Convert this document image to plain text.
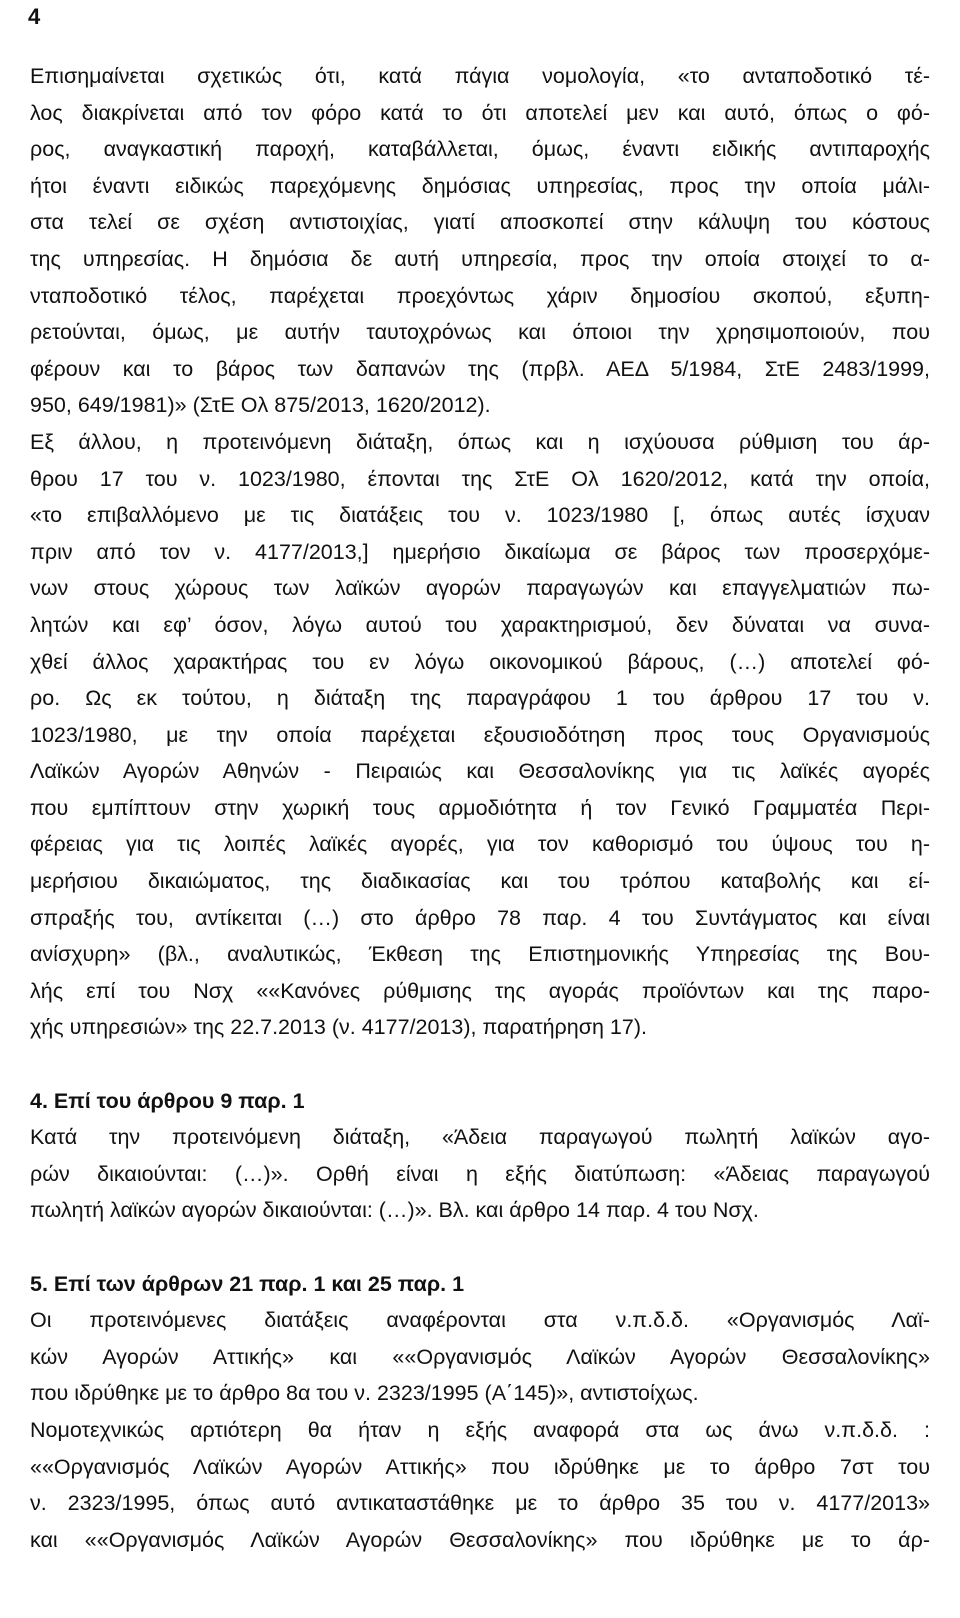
4
Επισημαίνεται σχετικώς ότι, κατά πάγια νομολογία, «το ανταποδοτικό τέ-
λος διακρίνεται από τον φόρο κατά το ότι αποτελεί μεν και αυτό, όπως ο φό-
ρος, αναγκαστική παροχή, καταβάλλεται, όμως, έναντι ειδικής αντιπαροχής
ήτοι έναντι ειδικώς παρεχόμενης δημόσιας υπηρεσίας, προς την οποία μάλι-
στα τελεί σε σχέση αντιστοιχίας, γιατί αποσκοπεί στην κάλυψη του κόστους
της υπηρεσίας. Η δημόσια δε αυτή υπηρεσία, προς την οποία στοιχεί το α-
νταποδοτικό τέλος, παρέχεται προεχόντως χάριν δημοσίου σκοπού, εξυπη-
ρετούνται, όμως, με αυτήν ταυτοχρόνως και όποιοι την χρησιμοποιούν, που
φέρουν και το βάρος των δαπανών της (πρβλ. ΑΕΔ 5/1984, ΣτΕ 2483/1999,
950, 649/1981)» (ΣτΕ Ολ 875/2013, 1620/2012).
Εξ άλλου, η προτεινόμενη διάταξη, όπως και η ισχύουσα ρύθμιση του άρ-
θρου 17 του ν. 1023/1980, έπονται της ΣτΕ Ολ 1620/2012, κατά την οποία,
«το επιβαλλόμενο με τις διατάξεις του ν. 1023/1980 [, όπως αυτές ίσχυαν
πριν από τον ν. 4177/2013,] ημερήσιο δικαίωμα σε βάρος των προσερχόμε-
νων στους χώρους των λαϊκών αγορών παραγωγών και επαγγελματιών πω-
λητών και εφ’ όσον, λόγω αυτού του χαρακτηρισμού, δεν δύναται να συνα-
χθεί άλλος χαρακτήρας του εν λόγω οικονομικού βάρους, (…) αποτελεί φό-
ρο. Ως εκ τούτου, η διάταξη της παραγράφου 1 του άρθρου 17 του ν.
1023/1980, με την οποία παρέχεται εξουσιοδότηση προς τους Οργανισμούς
Λαϊκών Αγορών Αθηνών - Πειραιώς και Θεσσαλονίκης για τις λαϊκές αγορές
που εμπίπτουν στην χωρική τους αρμοδιότητα ή τον Γενικό Γραμματέα Περι-
φέρειας για τις λοιπές λαϊκές αγορές, για τον καθορισμό του ύψους του η-
μερήσιου δικαιώματος, της διαδικασίας και του τρόπου καταβολής και εί-
σπραξής του, αντίκειται (…) στο άρθρο 78 παρ. 4 του Συντάγματος και είναι
ανίσχυρη» (βλ., αναλυτικώς, Έκθεση της Επιστημονικής Υπηρεσίας της Βου-
λής επί του Νσχ ««Κανόνες ρύθμισης της αγοράς προϊόντων και της παρο-
χής υπηρεσιών» της 22.7.2013 (ν. 4177/2013), παρατήρηση 17).
4. Επί του άρθρου 9 παρ. 1
Κατά την προτεινόμενη διάταξη, «Άδεια παραγωγού πωλητή λαϊκών αγο-
ρών δικαιούνται: (…)». Ορθή είναι η εξής διατύπωση: «Άδειας παραγωγού
πωλητή λαϊκών αγορών δικαιούνται: (…)». Βλ. και άρθρο 14 παρ. 4 του Νσχ.
5. Επί των άρθρων 21 παρ. 1 και 25 παρ. 1
Οι προτεινόμενες διατάξεις αναφέρονται στα ν.π.δ.δ. «Οργανισμός Λαϊ-
κών Αγορών Αττικής» και ««Οργανισμός Λαϊκών Αγορών Θεσσαλονίκης»
που ιδρύθηκε με το άρθρο 8α του ν. 2323/1995 (Α΄145)», αντιστοίχως.
Νομοτεχνικώς αρτιότερη θα ήταν η εξής αναφορά στα ως άνω ν.π.δ.δ. :
««Οργανισμός Λαϊκών Αγορών Αττικής» που ιδρύθηκε με το άρθρο 7στ του
ν. 2323/1995, όπως αυτό αντικαταστάθηκε με το άρθρο 35 του ν. 4177/2013»
και ««Οργανισμός Λαϊκών Αγορών Θεσσαλονίκης» που ιδρύθηκε με το άρ-
